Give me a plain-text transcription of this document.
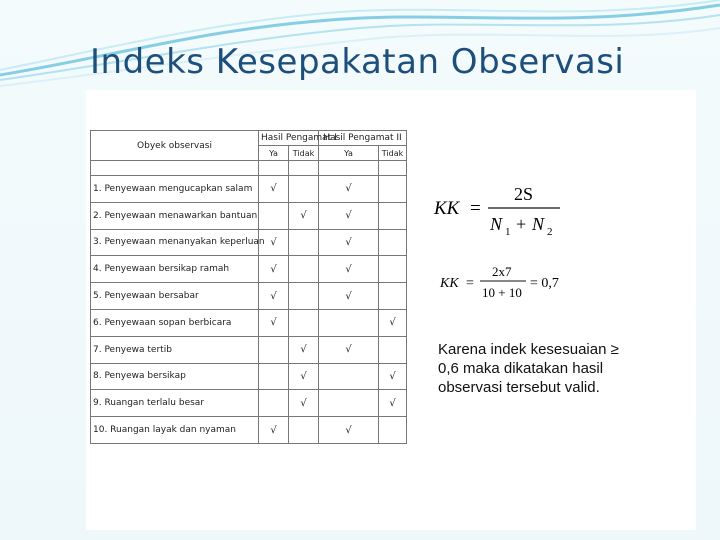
Indeks Kesepakatan Observasi
Obyek observasi	Hasil Pengamat I		Hasil Pengamat II	
	Ya	Tidak	Ya	Tidak

1. Penyewaan mengucapkan salam	√		√	
2. Penyewaan menawarkan bantuan		√	√	
3. Penyewaan menanyakan keperluan	√		√	
4. Penyewaan bersikap ramah	√		√	
5. Penyewaan bersabar	√		√	
6. Penyewaan sopan berbicara	√			√
7. Penyewa tertib		√	√	
8. Penyewa bersikap		√		√
9. Ruangan terlalu besar		√		√
10. Ruangan layak dan nyaman	√		√	
KK =
2S
N 1 + N 2
KK =
2x7
10 + 10
= 0,7
Karena indek kesesuaian ≥
0,6 maka dikatakan hasil
observasi tersebut valid.
